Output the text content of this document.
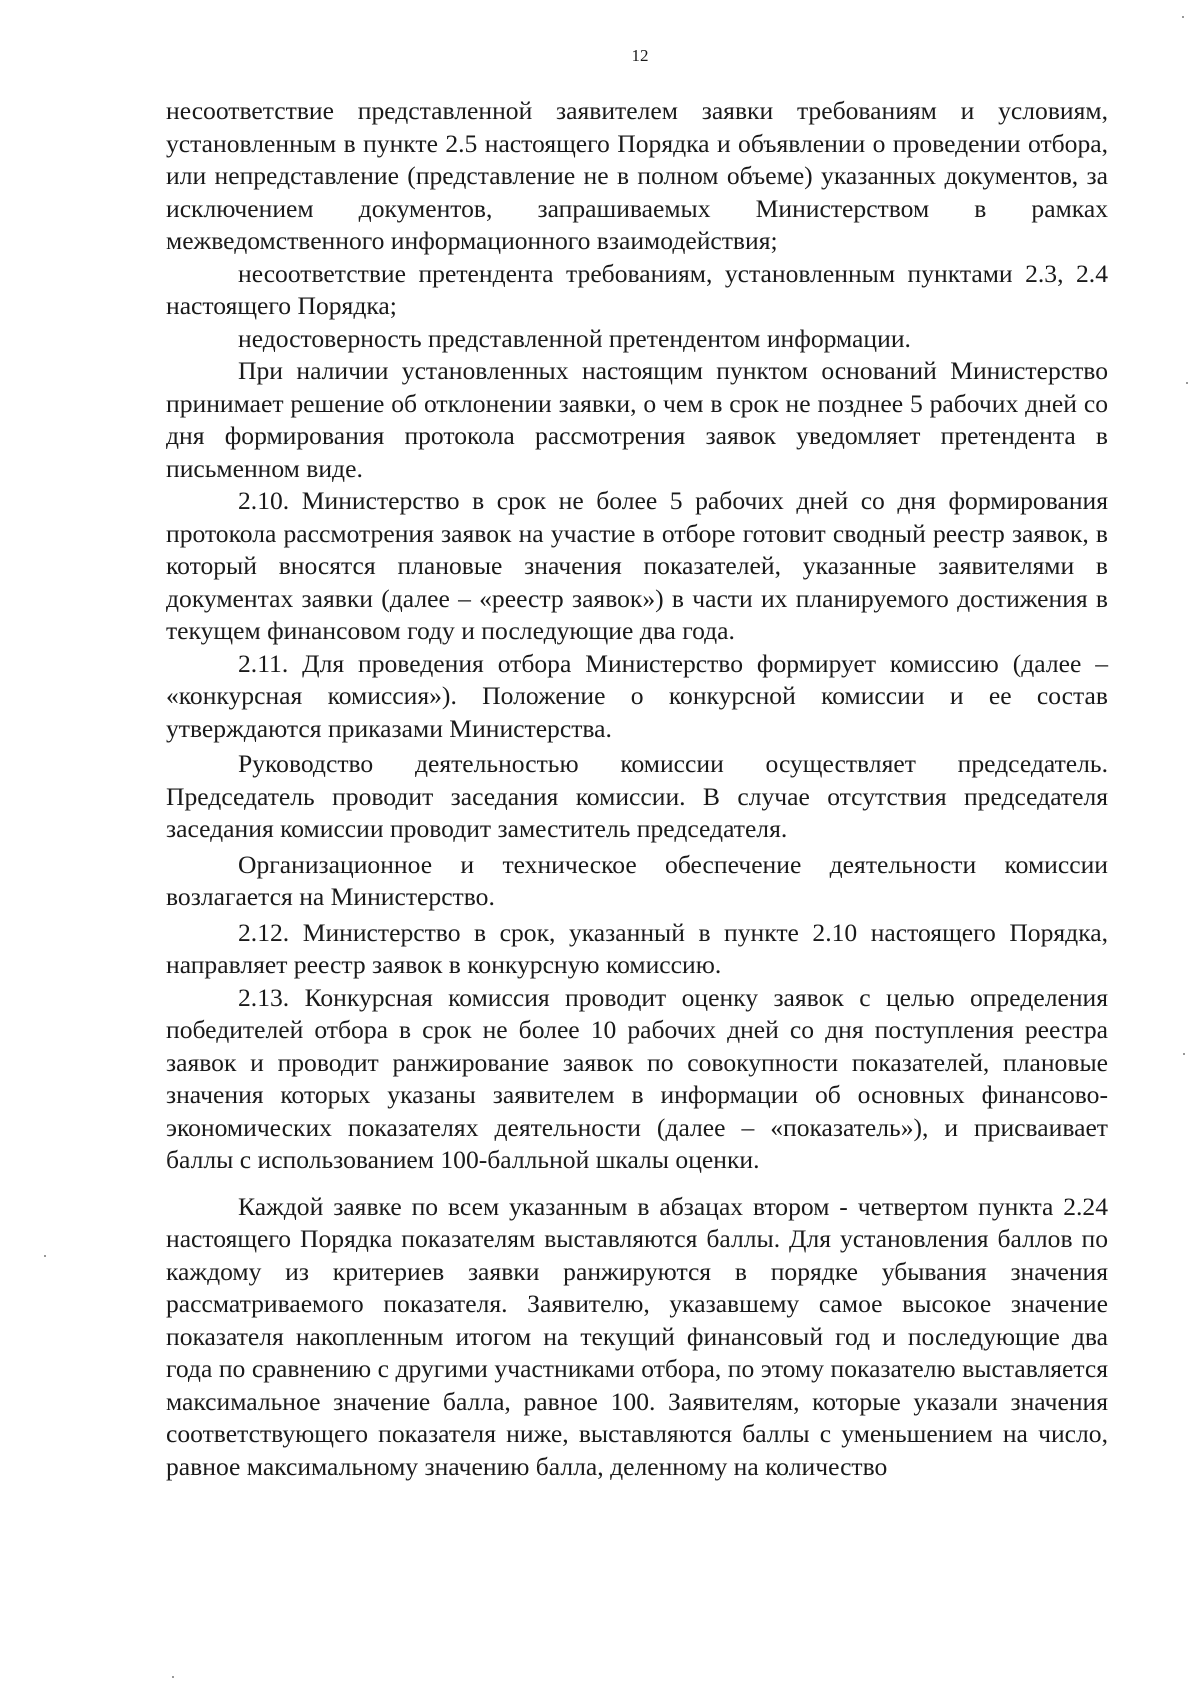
12

несоответствие представленной заявителем заявки требованиям и условиям, установленным в пункте 2.5 настоящего Порядка и объявлении о проведении отбора, или непредставление (представление не в полном объеме) указанных документов, за исключением документов, запрашиваемых Министерством в рамках межведомственного информационного взаимодействия;

несоответствие претендента требованиям, установленным пунктами 2.3, 2.4 настоящего Порядка;

недостоверность представленной претендентом информации.

При наличии установленных настоящим пунктом оснований Министерство принимает решение об отклонении заявки, о чем в срок не позднее 5 рабочих дней со дня формирования протокола рассмотрения заявок уведомляет претендента в письменном виде.

2.10. Министерство в срок не более 5 рабочих дней со дня формирования протокола рассмотрения заявок на участие в отборе готовит сводный реестр заявок, в который вносятся плановые значения показателей, указанные заявителями в документах заявки (далее – «реестр заявок») в части их планируемого достижения в текущем финансовом году и последующие два года.

2.11. Для проведения отбора Министерство формирует комиссию (далее – «конкурсная комиссия»). Положение о конкурсной комиссии и ее состав утверждаются приказами Министерства.

Руководство деятельностью комиссии осуществляет председатель. Председатель проводит заседания комиссии. В случае отсутствия председателя заседания комиссии проводит заместитель председателя.

Организационное и техническое обеспечение деятельности комиссии возлагается на Министерство.

2.12. Министерство в срок, указанный в пункте 2.10 настоящего Порядка, направляет реестр заявок в конкурсную комиссию.

2.13. Конкурсная комиссия проводит оценку заявок с целью определения победителей отбора в срок не более 10 рабочих дней со дня поступления реестра заявок и проводит ранжирование заявок по совокупности показателей, плановые значения которых указаны заявителем в информации об основных финансово-экономических показателях деятельности (далее – «показатель»), и присваивает баллы с использованием 100-балльной шкалы оценки.

Каждой заявке по всем указанным в абзацах втором - четвертом пункта 2.24 настоящего Порядка показателям выставляются баллы. Для установления баллов по каждому из критериев заявки ранжируются в порядке убывания значения рассматриваемого показателя. Заявителю, указавшему самое высокое значение показателя накопленным итогом на текущий финансовый год и последующие два года по сравнению с другими участниками отбора, по этому показателю выставляется максимальное значение балла, равное 100. Заявителям, которые указали значения соответствующего показателя ниже, выставляются баллы с уменьшением на число, равное максимальному значению балла, деленному на количество
